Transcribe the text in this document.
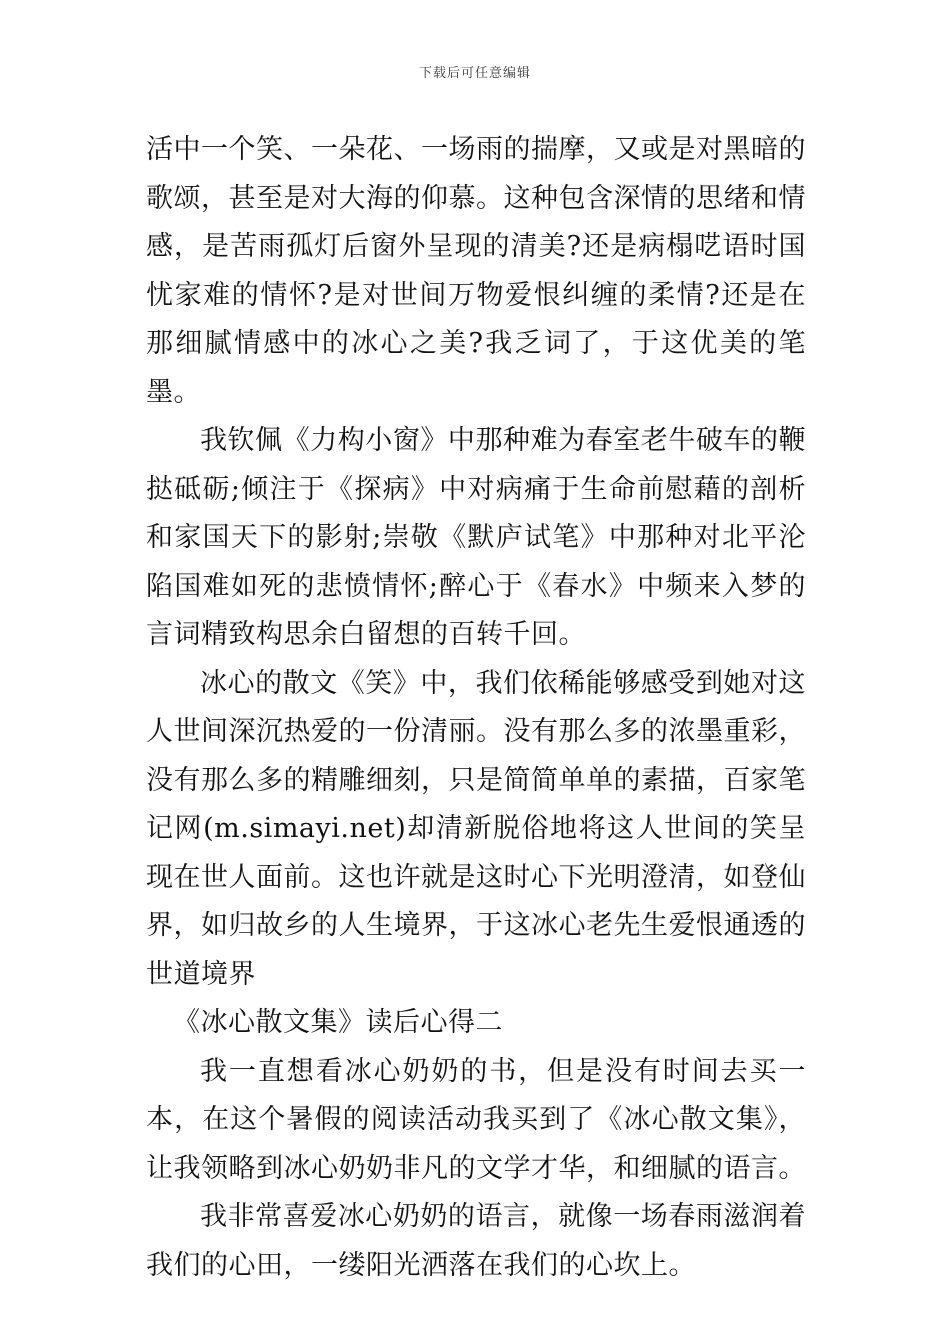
下载后可任意编辑

活中一个笑、一朵花、一场雨的揣摩，又或是对黑暗的歌颂，甚至是对大海的仰慕。这种包含深情的思绪和情感，是苦雨孤灯后窗外呈现的清美?还是病榻呓语时国忧家难的情怀?是对世间万物爱恨纠缠的柔情?还是在那细腻情感中的冰心之美?我乏词了，于这优美的笔墨。

我钦佩《力构小窗》中那种难为春室老牛破车的鞭挞砥砺;倾注于《探病》中对病痛于生命前慰藉的剖析和家国天下的影射;崇敬《默庐试笔》中那种对北平沦陷国难如死的悲愤情怀;醉心于《春水》中频来入梦的言词精致构思余白留想的百转千回。

冰心的散文《笑》中，我们依稀能够感受到她对这人世间深沉热爱的一份清丽。没有那么多的浓墨重彩，没有那么多的精雕细刻，只是简简单单的素描，百家笔记网(m.simayi.net)却清新脱俗地将这人世间的笑呈现在世人面前。这也许就是这时心下光明澄清，如登仙界，如归故乡的人生境界，于这冰心老先生爱恨通透的世道境界

《冰心散文集》读后心得二

我一直想看冰心奶奶的书，但是没有时间去买一本，在这个暑假的阅读活动我买到了《冰心散文集》，让我领略到冰心奶奶非凡的文学才华，和细腻的语言。

我非常喜爱冰心奶奶的语言，就像一场春雨滋润着我们的心田，一缕阳光洒落在我们的心坎上。
